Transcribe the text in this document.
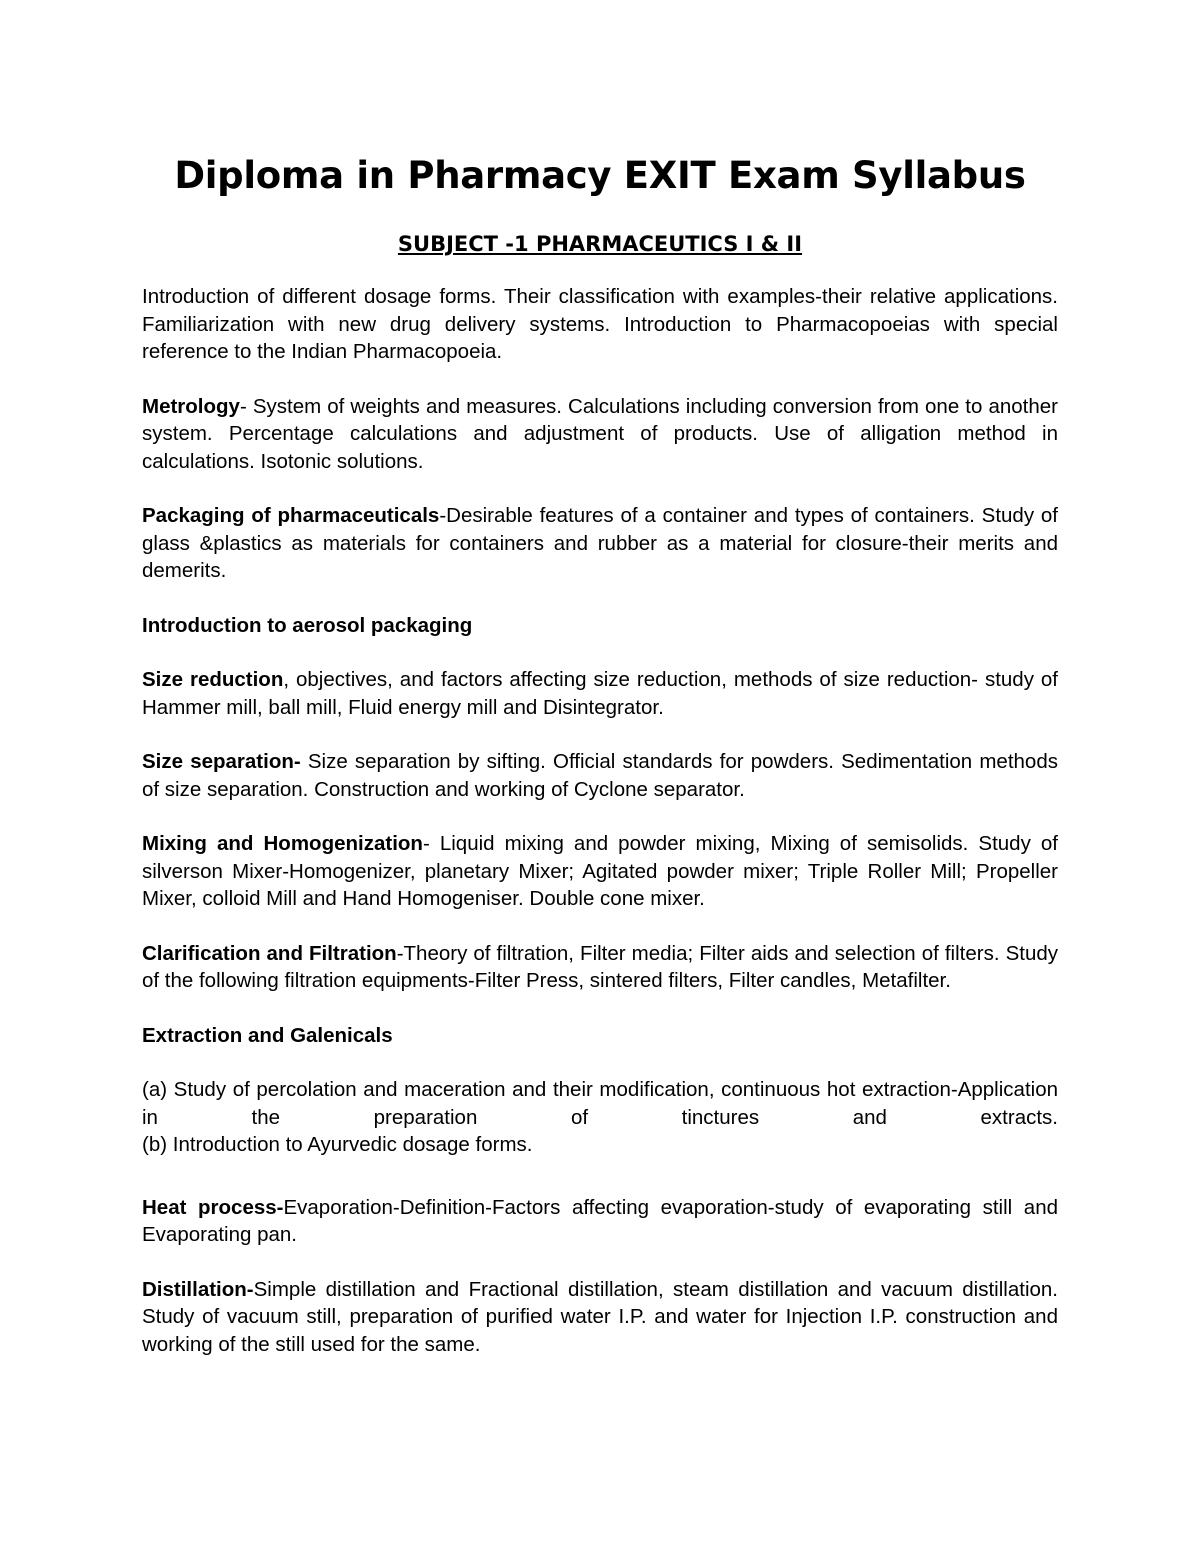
Diploma in Pharmacy EXIT Exam Syllabus
SUBJECT -1 PHARMACEUTICS I & II

Introduction of different dosage forms. Their classification with examples-their relative applications. Familiarization with new drug delivery systems. Introduction to Pharmacopoeias with special reference to the Indian Pharmacopoeia.

Metrology- System of weights and measures. Calculations including conversion from one to another system. Percentage calculations and adjustment of products. Use of alligation method in calculations. Isotonic solutions.

Packaging of pharmaceuticals-Desirable features of a container and types of containers. Study of glass &plastics as materials for containers and rubber as a material for closure-their merits and demerits.

Introduction to aerosol packaging

Size reduction, objectives, and factors affecting size reduction, methods of size reduction- study of Hammer mill, ball mill, Fluid energy mill and Disintegrator.

Size separation- Size separation by sifting. Official standards for powders. Sedimentation methods of size separation. Construction and working of Cyclone separator.

Mixing and Homogenization- Liquid mixing and powder mixing, Mixing of semisolids. Study of silverson Mixer-Homogenizer, planetary Mixer; Agitated powder mixer; Triple Roller Mill; Propeller Mixer, colloid Mill and Hand Homogeniser. Double cone mixer.

Clarification and Filtration-Theory of filtration, Filter media; Filter aids and selection of filters. Study of the following filtration equipments-Filter Press, sintered filters, Filter candles, Metafilter.

Extraction and Galenicals

(a) Study of percolation and maceration and their modification, continuous hot extraction-Application in the preparation of tinctures and extracts.
(b) Introduction to Ayurvedic dosage forms.

Heat process-Evaporation-Definition-Factors affecting evaporation-study of evaporating still and Evaporating pan.

Distillation-Simple distillation and Fractional distillation, steam distillation and vacuum distillation. Study of vacuum still, preparation of purified water I.P. and water for Injection I.P. construction and working of the still used for the same.
